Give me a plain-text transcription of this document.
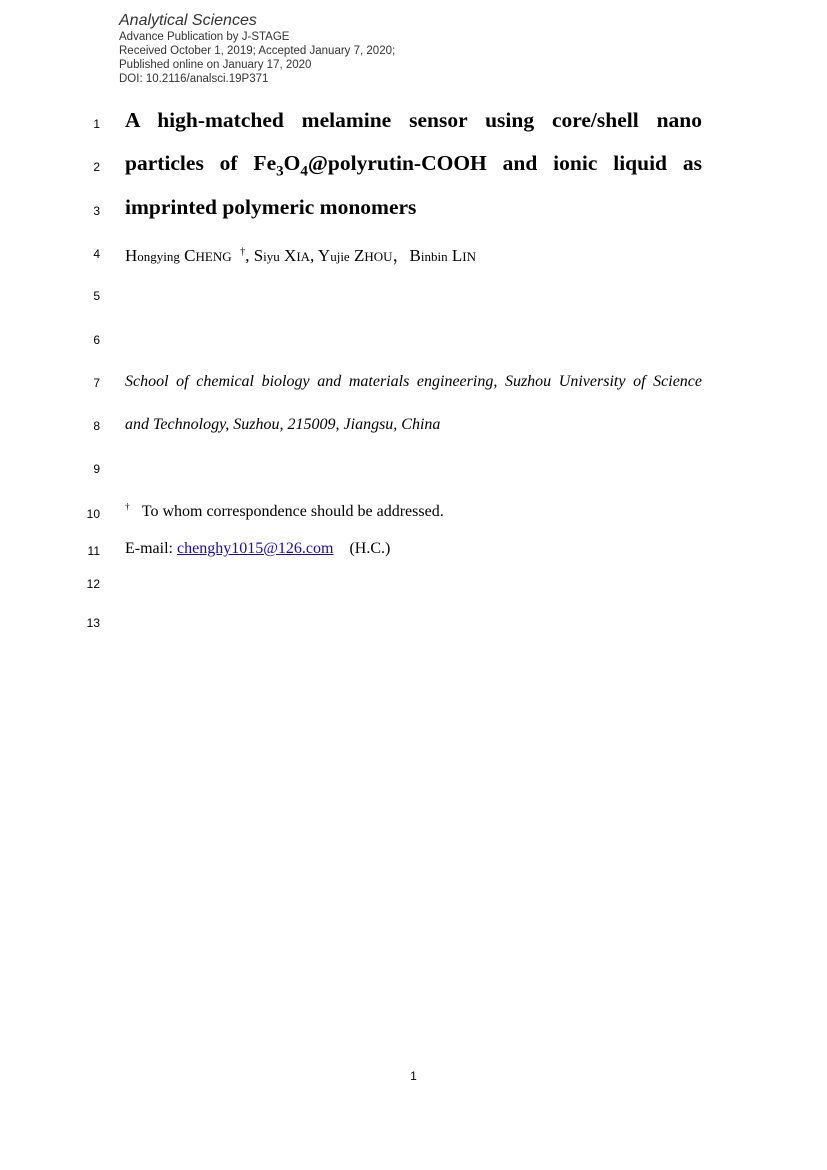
Analytical Sciences
Advance Publication by J-STAGE
Received October 1, 2019; Accepted January 7, 2020;
Published online on January 17, 2020
DOI: 10.2116/analsci.19P371
1
2
3
4
5
6
7
8
9
10
11
12
13
A high-matched melamine sensor using core/shell nano
particles of $Fe_3O_4@polyrutin$-COOH and ionic liquid as
imprinted polymeric monomers
Hongying CHENG †, Siyu XIA, Yujie ZHOU，Binbin LIN
School of chemical biology and materials engineering, Suzhou University of Science
and Technology, Suzhou, 215009, Jiangsu, China
† To whom correspondence should be addressed.
E-mail: chenghy1015@126.com (H.C.)
1
